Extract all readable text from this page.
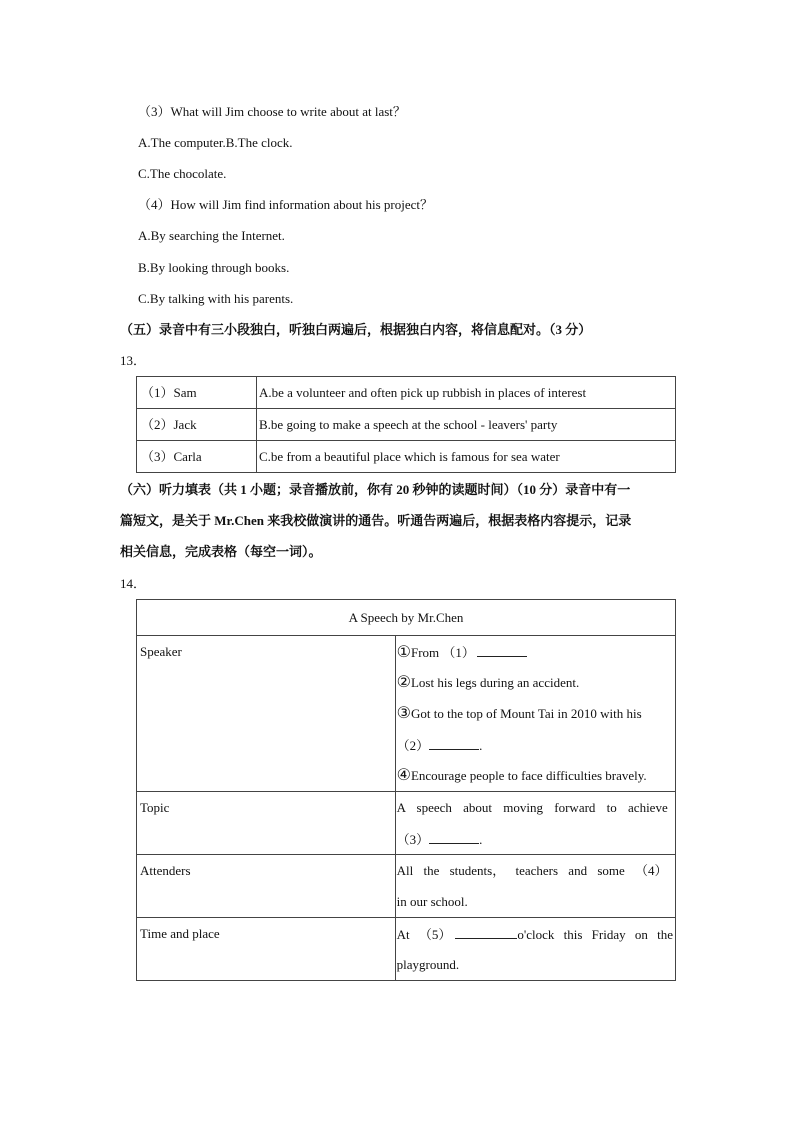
（3）What will Jim choose to write about at last？
A.The computer.B.The clock.
C.The chocolate.
（4）How will Jim find information about his project？
A.By searching the Internet.
B.By looking through books.
C.By talking with his parents.
（五）录音中有三小段独白，听独白两遍后，根据独白内容，将信息配对。（3 分）
13．
（1）Sam	A.be a volunteer and often pick up rubbish in places of interest

（2）Jack	B.be going to make a speech at the school - leavers' party

（3）Carla	C.be from a beautiful place which is famous for sea water
（六）听力填表（共 1 小题；录音播放前，你有 20 秒钟的读题时间）（10 分）录音中有一
篇短文，是关于 Mr.Chen 来我校做演讲的通告。听通告两遍后，根据表格内容提示，记录
相关信息，完成表格（每空一词）。
14．
A Speech by Mr.Chen	

Speaker	①From （1）
②Lost his legs during an accident.
③Got to the top of Mount Tai in 2010 with his
（2） .
④Encourage people to face difficulties bravely.

Topic	A speech about moving forward to achieve
（3） .

Attenders	All the students， teachers and some （4）
in our school.

Time and place	At （5） o'clock this Friday on the
playground.
